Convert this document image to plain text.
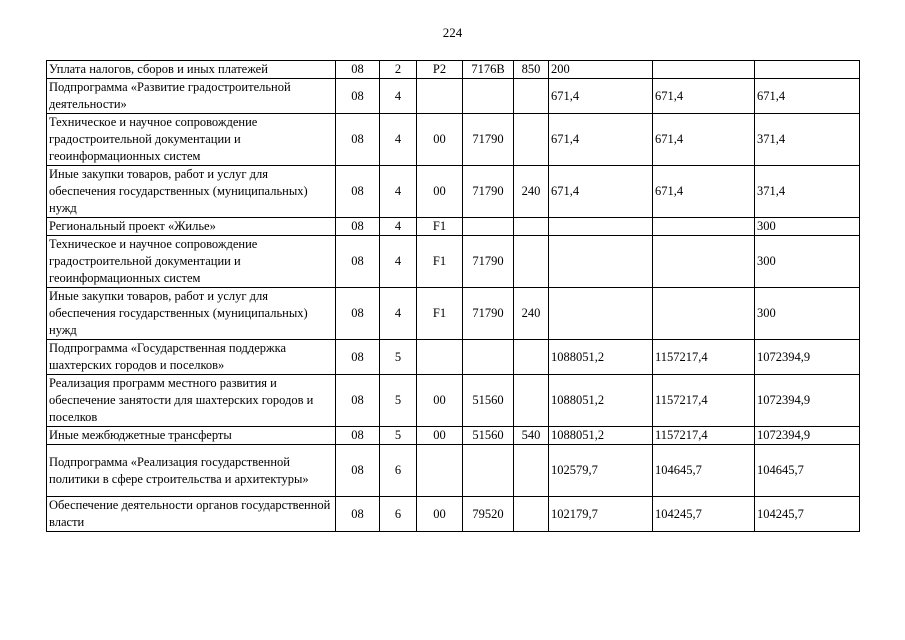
224
Уплата налогов, сборов и иных платежей	08	2	P2	7176B	850	200		
Подпрограмма «Развитие градостроительной деятельности»	08	4				671,4	671,4	671,4
Техническое и научное сопровождение градостроительной документации и геоинформационных систем	08	4	00	71790		671,4	671,4	371,4
Иные закупки товаров, работ и услуг для обеспечения государственных (муниципальных) нужд	08	4	00	71790	240	671,4	671,4	371,4
Региональный проект «Жилье»	08	4	F1					300
Техническое и научное сопровождение градостроительной документации и геоинформационных систем	08	4	F1	71790				300
Иные закупки товаров, работ и услуг для обеспечения государственных (муниципальных) нужд	08	4	F1	71790	240			300
Подпрограмма «Государственная поддержка шахтерских городов и поселков»	08	5				1088051,2	1157217,4	1072394,9
Реализация программ местного развития и обеспечение занятости для шахтерских городов и поселков	08	5	00	51560		1088051,2	1157217,4	1072394,9
Иные межбюджетные трансферты	08	5	00	51560	540	1088051,2	1157217,4	1072394,9
Подпрограмма «Реализация государственной политики в сфере строительства и архитектуры»	08	6				102579,7	104645,7	104645,7
Обеспечение деятельности органов государственной власти	08	6	00	79520		102179,7	104245,7	104245,7
